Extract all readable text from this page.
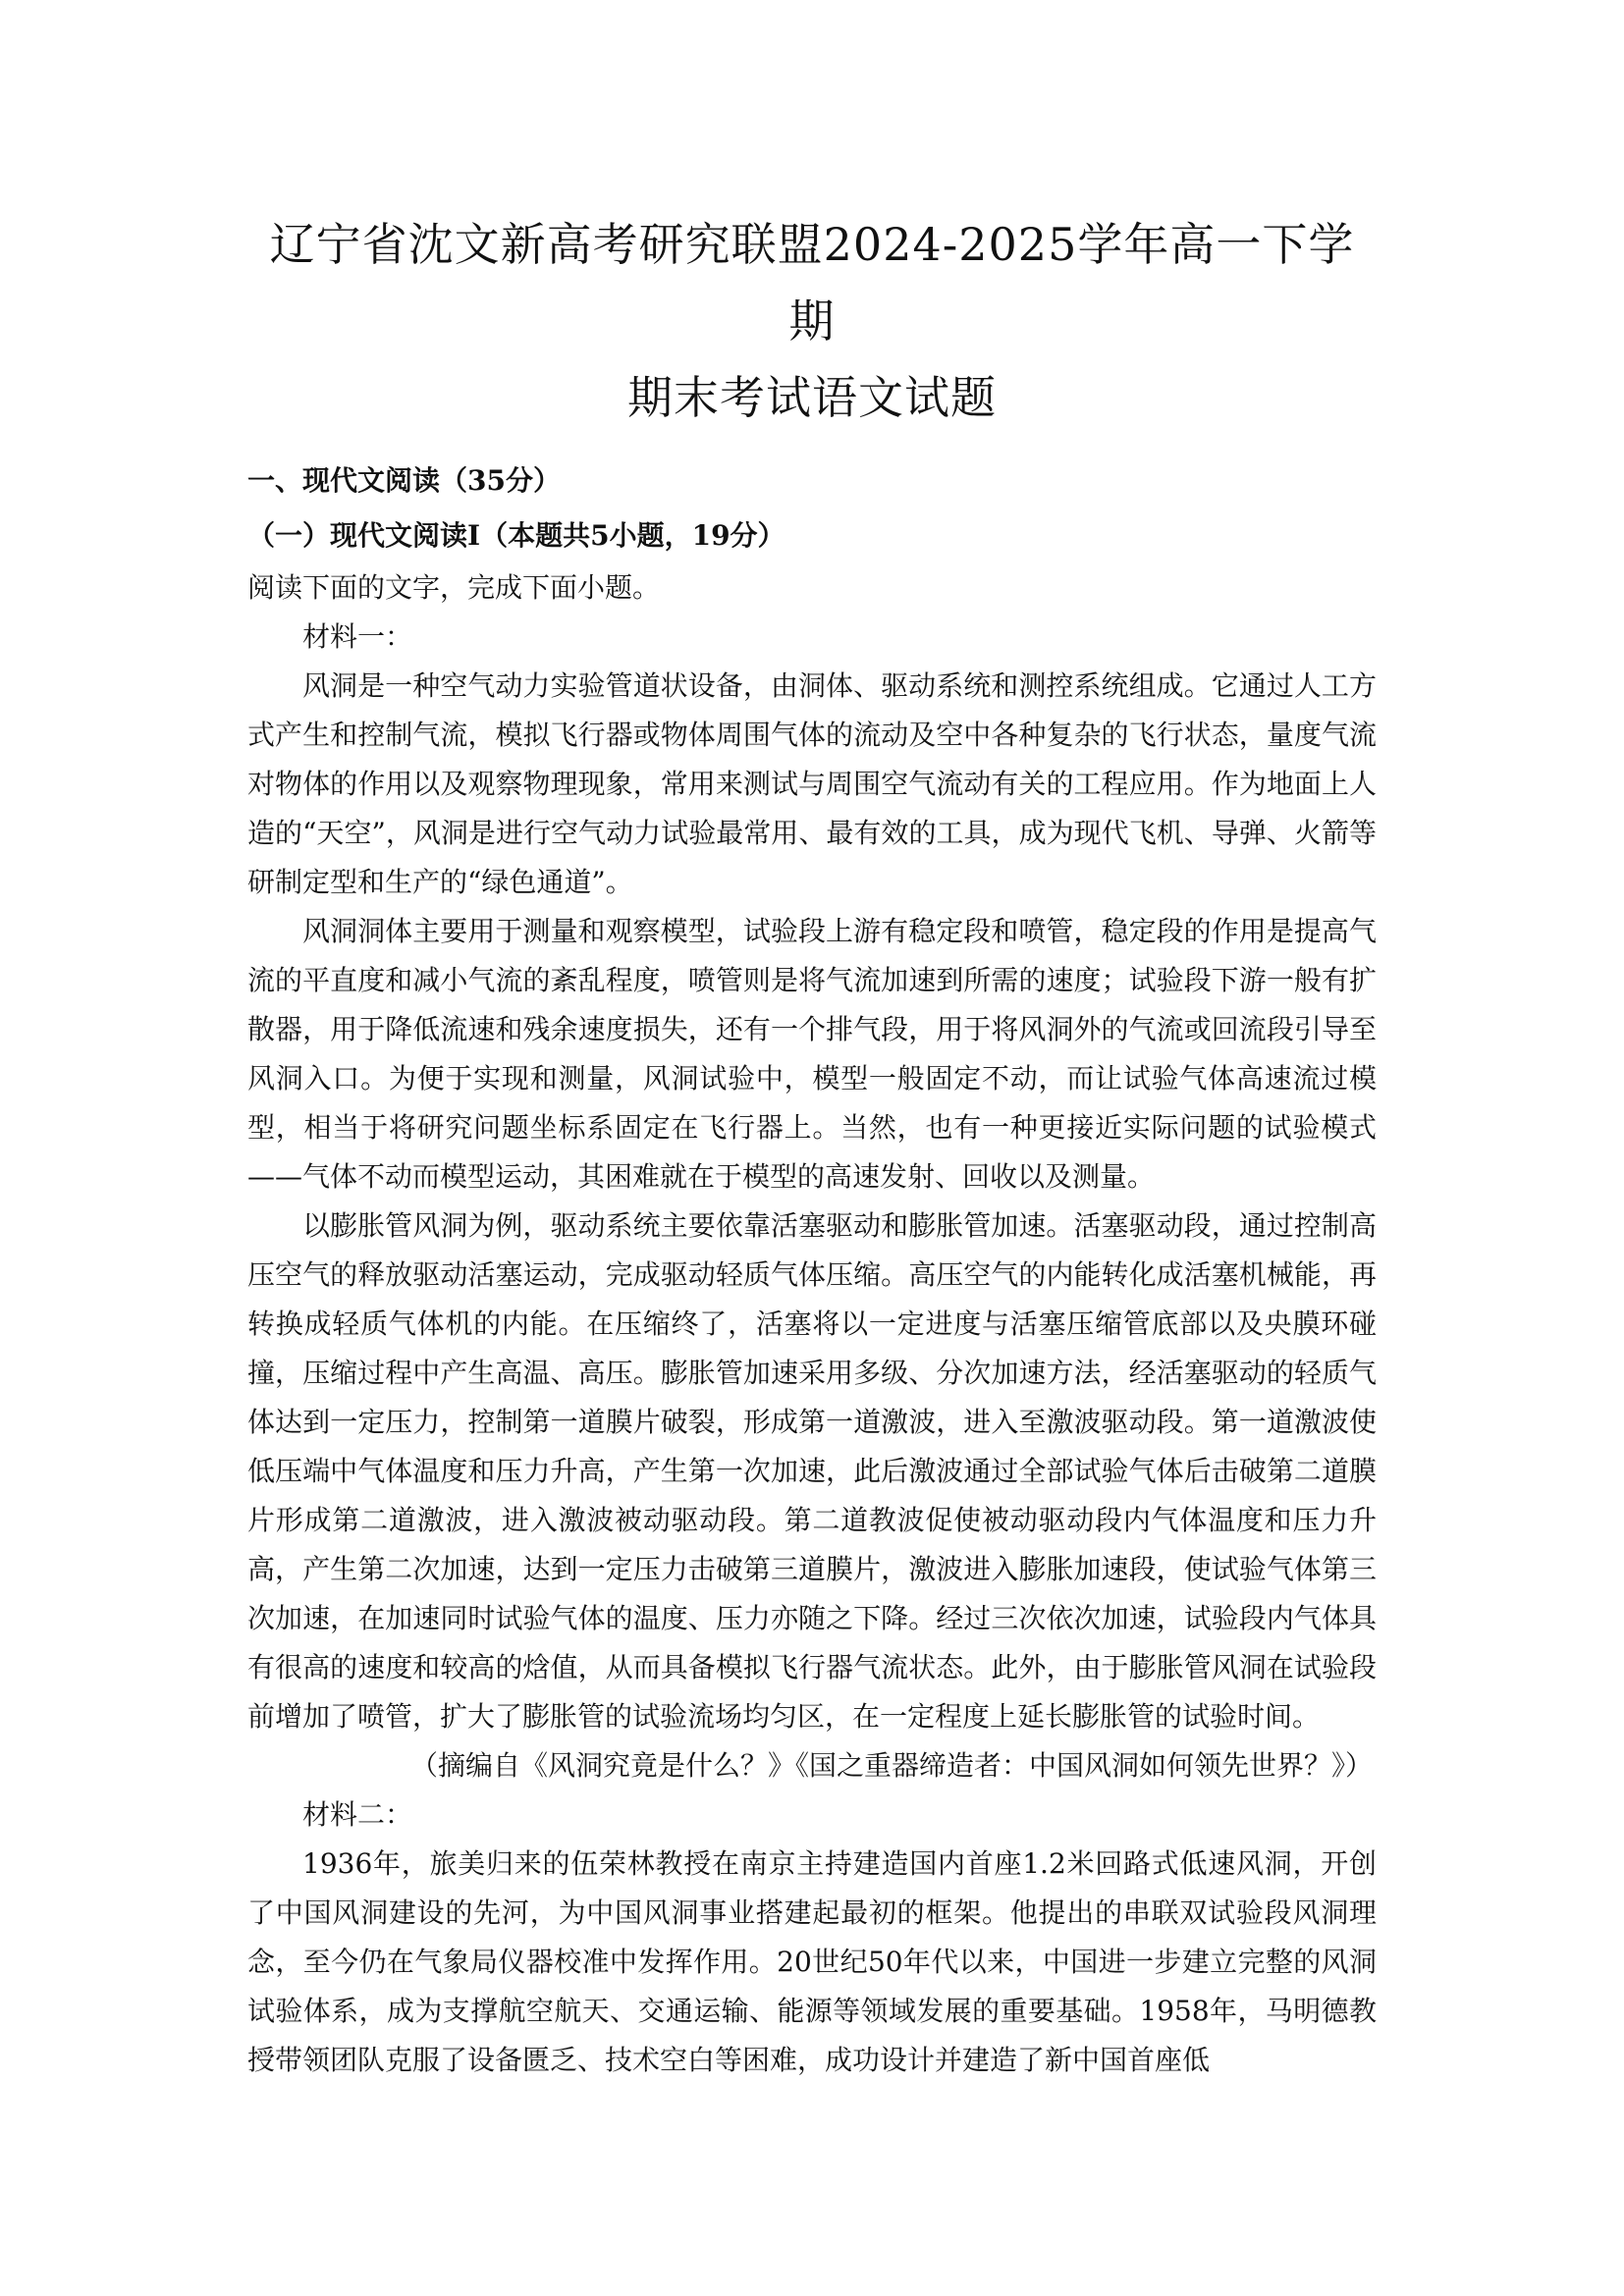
辽宁省沈文新高考研究联盟2024-2025学年高一下学期
期末考试语文试题

一、现代文阅读（35分）

（一）现代文阅读I（本题共5小题，19分）

阅读下面的文字，完成下面小题。

材料一：

风洞是一种空气动力实验管道状设备，由洞体、驱动系统和测控系统组成。它通过人工方式产生和控制气流，模拟飞行器或物体周围气体的流动及空中各种复杂的飞行状态，量度气流对物体的作用以及观察物理现象，常用来测试与周围空气流动有关的工程应用。作为地面上人造的“天空”，风洞是进行空气动力试验最常用、最有效的工具，成为现代飞机、导弹、火箭等研制定型和生产的“绿色通道”。

风洞洞体主要用于测量和观察模型，试验段上游有稳定段和喷管，稳定段的作用是提高气流的平直度和减小气流的紊乱程度，喷管则是将气流加速到所需的速度；试验段下游一般有扩散器，用于降低流速和残余速度损失，还有一个排气段，用于将风洞外的气流或回流段引导至风洞入口。为便于实现和测量，风洞试验中，模型一般固定不动，而让试验气体高速流过模型，相当于将研究问题坐标系固定在飞行器上。当然，也有一种更接近实际问题的试验模式——气体不动而模型运动，其困难就在于模型的高速发射、回收以及测量。

以膨胀管风洞为例，驱动系统主要依靠活塞驱动和膨胀管加速。活塞驱动段，通过控制高压空气的释放驱动活塞运动，完成驱动轻质气体压缩。高压空气的内能转化成活塞机械能，再转换成轻质气体机的内能。在压缩终了，活塞将以一定进度与活塞压缩管底部以及央膜环碰撞，压缩过程中产生高温、高压。膨胀管加速采用多级、分次加速方法，经活塞驱动的轻质气体达到一定压力，控制第一道膜片破裂，形成第一道激波，进入至激波驱动段。第一道激波使低压端中气体温度和压力升高，产生第一次加速，此后激波通过全部试验气体后击破第二道膜片形成第二道激波，进入激波被动驱动段。第二道教波促使被动驱动段内气体温度和压力升高，产生第二次加速，达到一定压力击破第三道膜片，激波进入膨胀加速段，使试验气体第三次加速，在加速同时试验气体的温度、压力亦随之下降。经过三次依次加速，试验段内气体具有很高的速度和较高的焓值，从而具备模拟飞行器气流状态。此外，由于膨胀管风洞在试验段前增加了喷管，扩大了膨胀管的试验流场均匀区，在一定程度上延长膨胀管的试验时间。

（摘编自《风洞究竟是什么？》《国之重器缔造者：中国风洞如何领先世界？》）

材料二：

1936年，旅美归来的伍荣林教授在南京主持建造国内首座1.2米回路式低速风洞，开创了中国风洞建设的先河，为中国风洞事业搭建起最初的框架。他提出的串联双试验段风洞理念，至今仍在气象局仪器校准中发挥作用。20世纪50年代以来，中国进一步建立完整的风洞试验体系，成为支撑航空航天、交通运输、能源等领域发展的重要基础。1958年，马明德教授带领团队克服了设备匮乏、技术空白等困难，成功设计并建造了新中国首座低
